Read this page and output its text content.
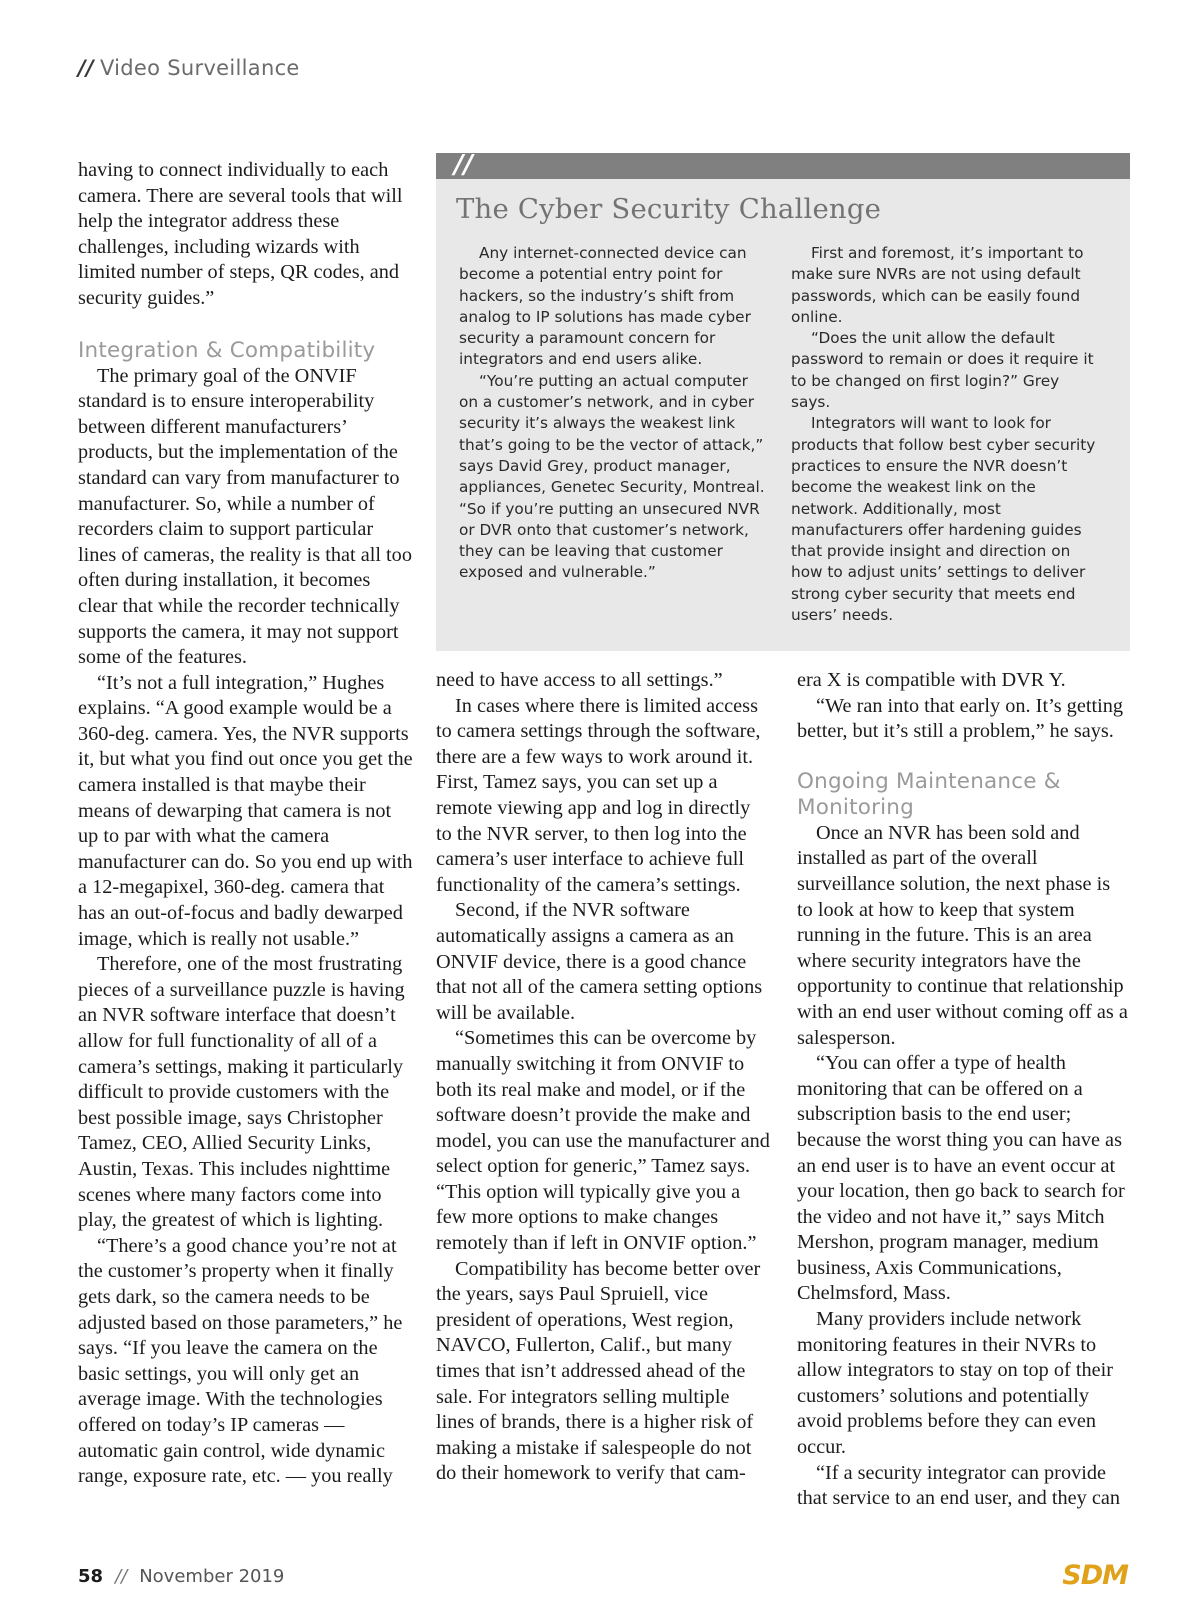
// Video Surveillance

having to connect individually to each camera. There are several tools that will help the integrator address these challenges, including wizards with limited number of steps, QR codes, and security guides.”

Integration & Compatibility

The primary goal of the ONVIF standard is to ensure interoperability between different manufacturers’ products, but the implementation of the standard can vary from manufacturer to manufacturer. So, while a number of recorders claim to support particular lines of cameras, the reality is that all too often during installation, it becomes clear that while the recorder technically supports the camera, it may not support some of the features.

“It’s not a full integration,” Hughes explains. “A good example would be a 360-deg. camera. Yes, the NVR supports it, but what you find out once you get the camera installed is that maybe their means of dewarping that camera is not up to par with what the camera manufacturer can do. So you end up with a 12-megapixel, 360-deg. camera that has an out-of-focus and badly dewarped image, which is really not usable.”

Therefore, one of the most frustrating pieces of a surveillance puzzle is having an NVR software interface that doesn’t allow for full functionality of all of a camera’s settings, making it particularly difficult to provide customers with the best possible image, says Christopher Tamez, CEO, Allied Security Links, Austin, Texas. This includes nighttime scenes where many factors come into play, the greatest of which is lighting.

“There’s a good chance you’re not at the customer’s property when it finally gets dark, so the camera needs to be adjusted based on those parameters,” he says. “If you leave the camera on the basic settings, you will only get an average image. With the technologies offered on today’s IP cameras — automatic gain control, wide dynamic range, exposure rate, etc. — you really

//
The Cyber Security Challenge

Any internet-connected device can become a potential entry point for hackers, so the industry’s shift from analog to IP solutions has made cyber security a paramount concern for integrators and end users alike.

“You’re putting an actual computer on a customer’s network, and in cyber security it’s always the weakest link that’s going to be the vector of attack,” says David Grey, product manager, appliances, Genetec Security, Montreal. “So if you’re putting an unsecured NVR or DVR onto that customer’s network, they can be leaving that customer exposed and vulnerable.”

First and foremost, it’s important to make sure NVRs are not using default passwords, which can be easily found online.

“Does the unit allow the default password to remain or does it require it to be changed on first login?” Grey says.

Integrators will want to look for products that follow best cyber security practices to ensure the NVR doesn’t become the weakest link on the network. Additionally, most manufacturers offer hardening guides that provide insight and direction on how to adjust units’ settings to deliver strong cyber security that meets end users’ needs.

need to have access to all settings.”

In cases where there is limited access to camera settings through the software, there are a few ways to work around it. First, Tamez says, you can set up a remote viewing app and log in directly to the NVR server, to then log into the camera’s user interface to achieve full functionality of the camera’s settings.

Second, if the NVR software automatically assigns a camera as an ONVIF device, there is a good chance that not all of the camera setting options will be available.

“Sometimes this can be overcome by manually switching it from ONVIF to both its real make and model, or if the software doesn’t provide the make and model, you can use the manufacturer and select option for generic,” Tamez says. “This option will typically give you a few more options to make changes remotely than if left in ONVIF option.”

Compatibility has become better over the years, says Paul Spruiell, vice president of operations, West region, NAVCO, Fullerton, Calif., but many times that isn’t addressed ahead of the sale. For integrators selling multiple lines of brands, there is a higher risk of making a mistake if salespeople do not do their homework to verify that cam-

era X is compatible with DVR Y.

“We ran into that early on. It’s getting better, but it’s still a problem,” he says.

Ongoing Maintenance & Monitoring

Once an NVR has been sold and installed as part of the overall surveillance solution, the next phase is to look at how to keep that system running in the future. This is an area where security integrators have the opportunity to continue that relationship with an end user without coming off as a salesperson.

“You can offer a type of health monitoring that can be offered on a subscription basis to the end user; because the worst thing you can have as an end user is to have an event occur at your location, then go back to search for the video and not have it,” says Mitch Mershon, program manager, medium business, Axis Communications, Chelmsford, Mass.

Many providers include network monitoring features in their NVRs to allow integrators to stay on top of their customers’ solutions and potentially avoid problems before they can even occur.

“If a security integrator can provide that service to an end user, and they can

58 // November 2019	SDM
